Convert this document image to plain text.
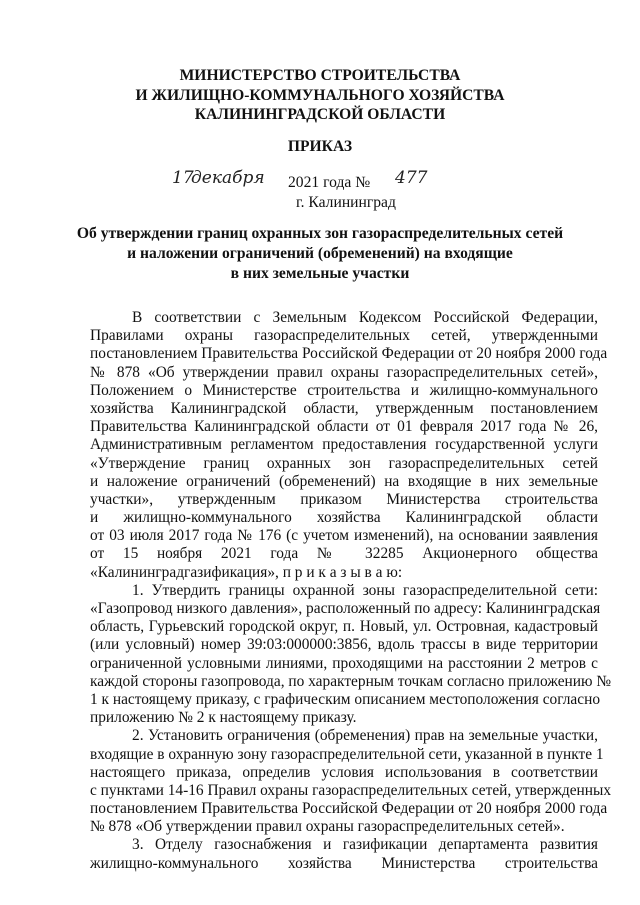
МИНИСТЕРСТВО СТРОИТЕЛЬСТВА
И ЖИЛИЩНО-КОММУНАЛЬНОГО ХОЗЯЙСТВА
КАЛИНИНГРАДСКОЙ ОБЛАСТИ
ПРИКАЗ
17
декабря 2021 года № 477
г. Калининград
Об утверждении границ охранных зон газораспределительных сетей
и наложении ограничений (обременений) на входящие
в них земельные участки
В соответствии с Земельным Кодексом Российской Федерации,
Правилами охраны газораспределительных сетей, утвержденными
постановлением Правительства Российской Федерации от 20 ноября 2000 года
№ 878 «Об утверждении правил охраны газораспределительных сетей»,
Положением о Министерстве строительства и жилищно-коммунального
хозяйства Калининградской области, утвержденным постановлением
Правительства Калининградской области от 01 февраля 2017 года № 26,
Административным регламентом предоставления государственной услуги
«Утверждение границ охранных зон газораспределительных сетей
и наложение ограничений (обременений) на входящие в них земельные
участки», утвержденным приказом Министерства строительства
и жилищно-коммунального хозяйства Калининградской области
от 03 июля 2017 года № 176 (с учетом изменений), на основании заявления
от 15 ноября 2021 года № 32285 Акционерного общества
«Калининградгазификация», п р и к а з ы в а ю:
1. Утвердить границы охранной зоны газораспределительной сети:
«Газопровод низкого давления», расположенный по адресу: Калининградская
область, Гурьевский городской округ, п. Новый, ул. Островная, кадастровый
(или условный) номер 39:03:000000:3856, вдоль трассы в виде территории
ограниченной условными линиями, проходящими на расстоянии 2 метров с
каждой стороны газопровода, по характерным точкам согласно приложению №
1 к настоящему приказу, с графическим описанием местоположения согласно
приложению № 2 к настоящему приказу.
2. Установить ограничения (обременения) прав на земельные участки,
входящие в охранную зону газораспределительной сети, указанной в пункте 1
настоящего приказа, определив условия использования в соответствии
с пунктами 14-16 Правил охраны газораспределительных сетей, утвержденных
постановлением Правительства Российской Федерации от 20 ноября 2000 года
№ 878 «Об утверждении правил охраны газораспределительных сетей».
3. Отделу газоснабжения и газификации департамента развития
жилищно-коммунального хозяйства Министерства строительства
